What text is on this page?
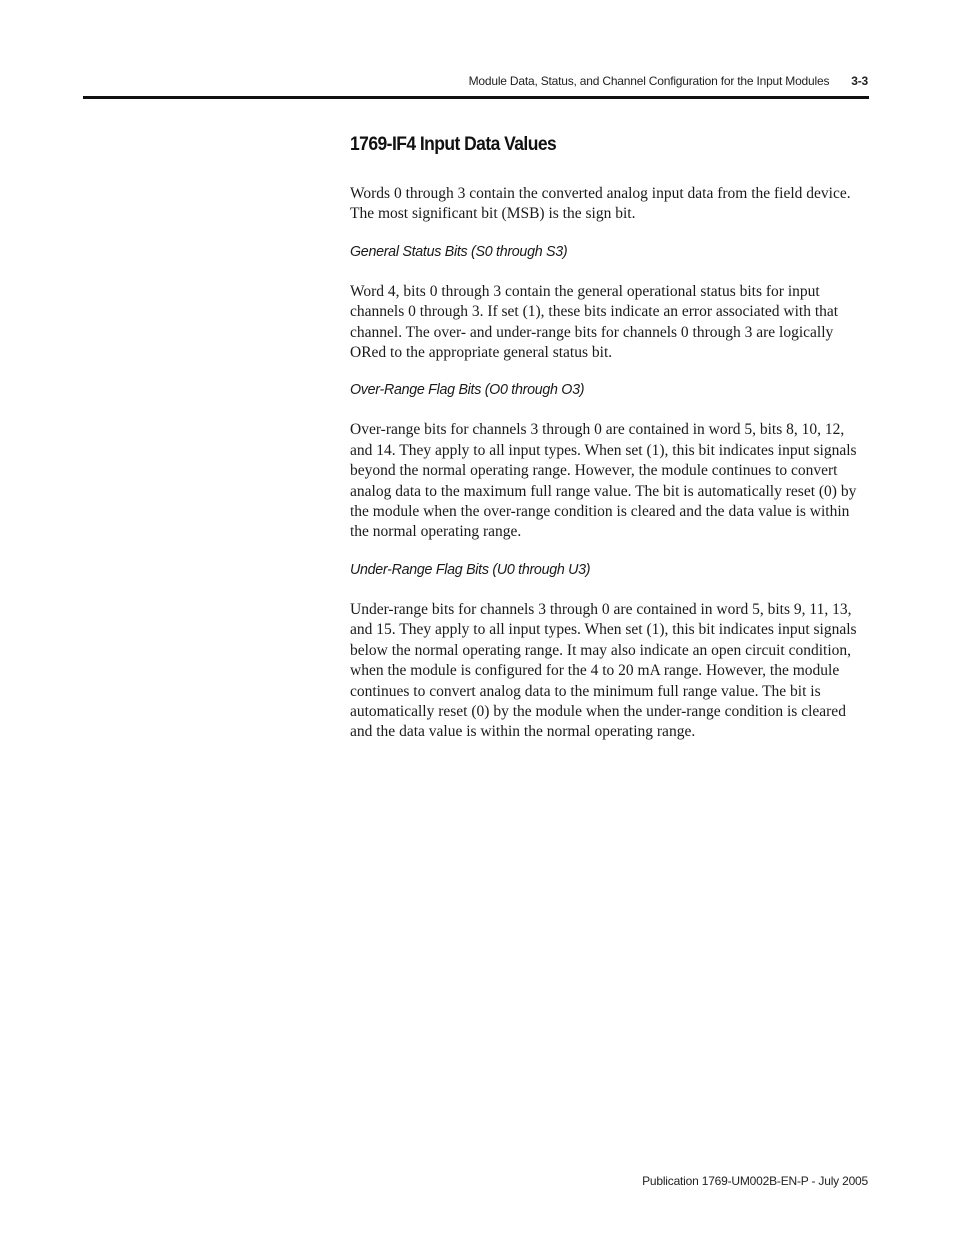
Module Data, Status, and Channel Configuration for the Input Modules 3-3
1769-IF4 Input Data Values

Words 0 through 3 contain the converted analog input data from the field device. The most significant bit (MSB) is the sign bit.

General Status Bits (S0 through S3)

Word 4, bits 0 through 3 contain the general operational status bits for input channels 0 through 3. If set (1), these bits indicate an error associated with that channel. The over- and under-range bits for channels 0 through 3 are logically ORed to the appropriate general status bit.

Over-Range Flag Bits (O0 through O3)

Over-range bits for channels 3 through 0 are contained in word 5, bits 8, 10, 12, and 14. They apply to all input types. When set (1), this bit indicates input signals beyond the normal operating range. However, the module continues to convert analog data to the maximum full range value. The bit is automatically reset (0) by the module when the over-range condition is cleared and the data value is within the normal operating range.

Under-Range Flag Bits (U0 through U3)

Under-range bits for channels 3 through 0 are contained in word 5, bits 9, 11, 13, and 15. They apply to all input types. When set (1), this bit indicates input signals below the normal operating range. It may also indicate an open circuit condition, when the module is configured for the 4 to 20 mA range. However, the module continues to convert analog data to the minimum full range value. The bit is automatically reset (0) by the module when the under-range condition is cleared and the data value is within the normal operating range.

Publication 1769-UM002B-EN-P - July 2005
